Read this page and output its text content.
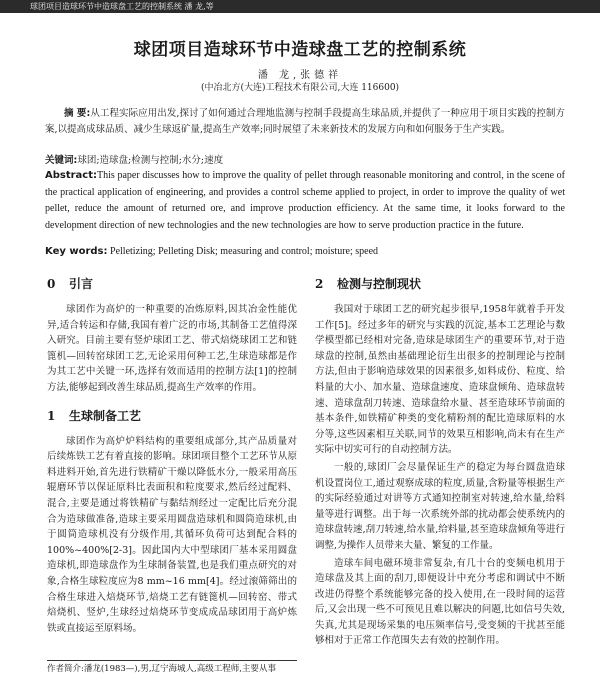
球团项目造球环节中造球盘工艺的控制系统 潘 龙,等
球团项目造球环节中造球盘工艺的控制系统
潘 龙,张德祥
(中冶北方(大连)工程技术有限公司,大连 116600)
摘 要:从工程实际应用出发,探讨了如何通过合理地监测与控制手段提高生球品质,并提供了一种应用于项目实践的控制方案,以提高成球品质、减少生球返矿量,提高生产效率;同时展望了未来新技术的发展方向和如何服务于生产实践。
关键词:球团;造球盘;检测与控制;水分;速度
Abstract:This paper discusses how to improve the quality of pellet through reasonable monitoring and control, in the scene of the practical application of engineering, and provides a control scheme applied to project, in order to improve the quality of wet pellet, reduce the amount of returned ore, and improve production efficiency. At the same time, it looks forward to the development direction of new technologies and the new technologies are how to serve production practice in the future.
Key words: Pelletizing; Pelleting Disk; measuring and control; moisture; speed
0 引言

球团作为高炉的一种重要的冶炼原料,因其冶金性能优异,适合转运和存储,我国有着广泛的市场,其制备工艺值得深入研究。目前主要有竖炉球团工艺、带式焙烧球团工艺和链篦机—回转窑球团工艺,无论采用何种工艺,生球造球都是作为其工艺中关键一环,选择有效而适用的控制方法[1]的控制方法,能够起到改善生球品质,提高生产效率的作用。

1 生球制备工艺

球团作为高炉炉料结构的重要组成部分,其产品质量对后续炼铁工艺有着直接的影响。球团项目整个工艺环节从原料进料开始,首先进行铁精矿干燥以降低水分,一般采用高压辊磨环节以保证原料比表面积和粒度要求,然后经过配料、混合,主要是通过将铁精矿与黏结剂经过一定配比后充分混合为造球做准备,造球主要采用圆盘造球机和圆筒造球机,由于圆筒造球机没有分级作用,其循环负荷可达到配合料的100%~400%[2-3]。因此国内大中型球团厂基本采用圆盘造球机,即造球盘作为生球制备装置,也是我们重点研究的对象,合格生球粒度应为8 mm~16 mm[4]。经过滚筛筛出的合格生球进入焙烧环节,焙烧工艺有链篦机—回转窑、带式焙烧机、竖炉,生球经过焙烧环节变成成品球团用于高炉炼铁或直接运至原料场。

2 检测与控制现状

我国对于球团工艺的研究起步很早,1958年就着手开发工作[5]。经过多年的研究与实践的沉淀,基本工艺理论与数学模型都已经相对完备,造球是球团生产的重要环节,对于造球盘的控制,虽然由基础理论衍生出很多的控制理论与控制方法,但由于影响造球效果的因素很多,如料成份、粒度、给料量的大小、加水量、造球盘速度、造球盘倾角、造球盘转速、造球盘刮刀转速、造球盘给水量、甚至造球环节前面的基本条件,如铁精矿种类的变化精粉剂的配比造球原料的水分等,这些因素相互关联,同节的效果互相影响,尚未有在生产实际中切实可行的自动控制方法。

一般的,球团厂会尽量保证生产的稳定为每台圆盘造球机设置岗位工,通过观察成球的粒度,质量,含粉量等根据生产的实际经验通过对讲等方式通知控制室对转速,给水量,给料量等进行调整。出于每一次系统外部的扰动都会使系统内的造球盘转速,刮刀转速,给水量,给料量,甚至造球盘倾角等进行调整,为操作人员带来大量、繁复的工作量。

造球车间电磁环境非常复杂,有几十台的变频电机用于造球盘及其上面的刮刀,即便设计中充分考虑和调试中不断改进仍得整个系统能够完备的投入使用,在一段时间的运营后,又会出现一些不可预见且难以解决的问题,比如信号失效,失真,尤其是现场采集的电压频率信号,受变频的干扰甚至能够相对于正常工作范围失去有效的控制作用。

作者简介:潘龙(1983—),男,辽宁海城人,高级工程师,主要从事
